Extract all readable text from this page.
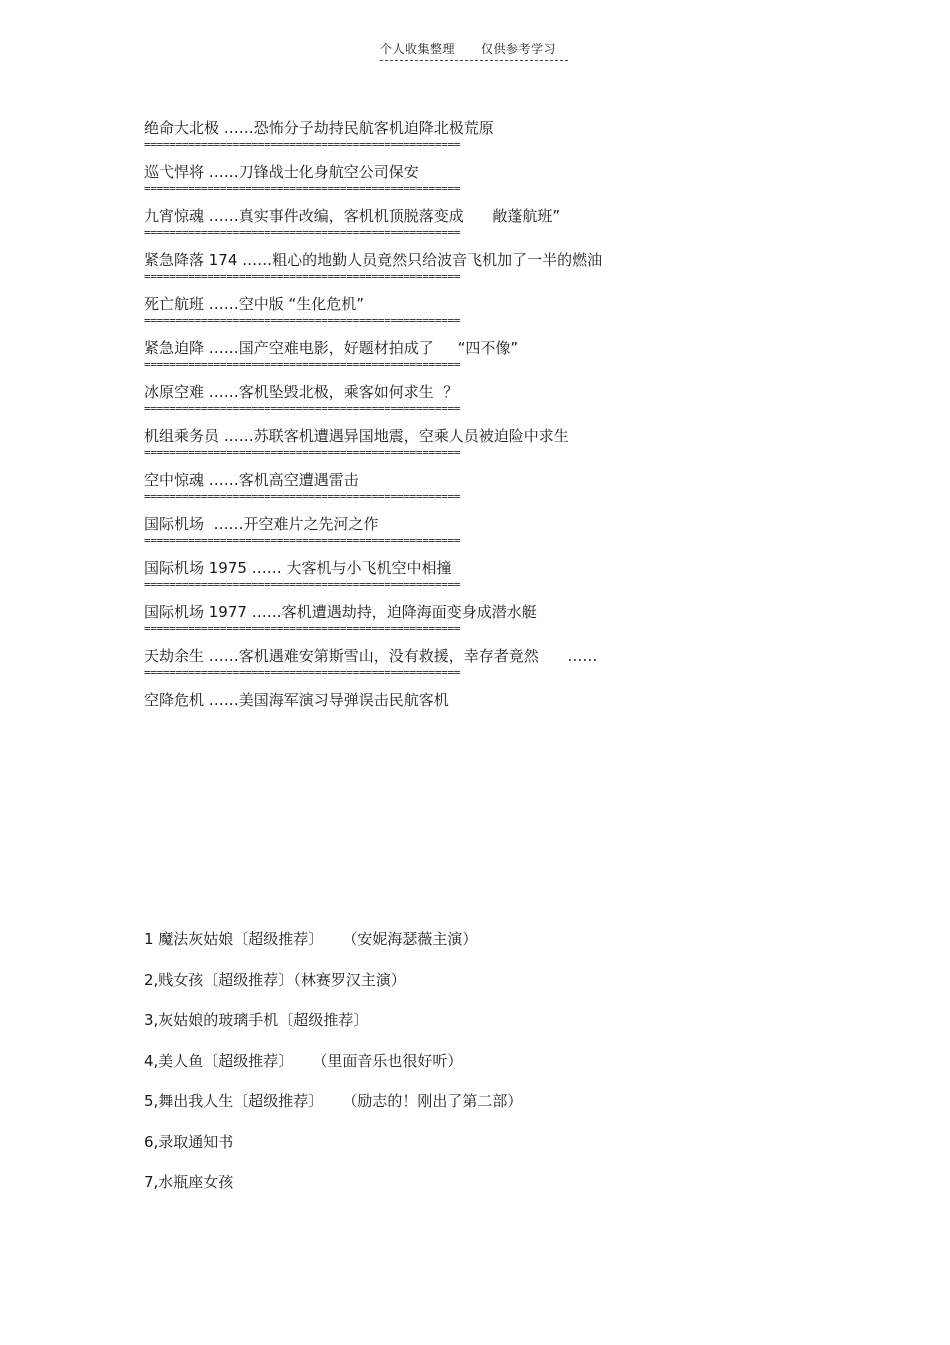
个人收集整理 仅供参考学习
绝命大北极 ……恐怖分子劫持民航客机迫降北极荒原
==================================================
巡弋悍将 ……刀锋战士化身航空公司保安
==================================================
九宵惊魂 ……真实事件改编，客机机顶脱落变成      敞蓬航班”
==================================================
紧急降落 174 ……粗心的地勤人员竟然只给波音飞机加了一半的燃油
==================================================
死亡航班 ……空中版 “生化危机”
==================================================
紧急迫降 ……国产空难电影，好题材拍成了     “四不像”
==================================================
冰原空难 ……客机坠毁北极，乘客如何求生  ？
==================================================
机组乘务员 ……苏联客机遭遇异国地震，空乘人员被迫险中求生
==================================================
空中惊魂 ……客机高空遭遇雷击
==================================================
国际机场  ……开空难片之先河之作
==================================================
国际机场 1975 …… 大客机与小飞机空中相撞
==================================================
国际机场 1977 ……客机遭遇劫持，迫降海面变身成潜水艇
==================================================
天劫余生 ……客机遇难安第斯雪山，没有救援，幸存者竟然      ……
==================================================
空降危机 ……美国海军演习导弹误击民航客机
1 魔法灰姑娘〔超级推荐〕    （安妮海瑟薇主演）
2,贱女孩〔超级推荐〕（林赛罗汉主演）
3,灰姑娘的玻璃手机〔超级推荐〕
4,美人鱼〔超级推荐〕    （里面音乐也很好听）
5,舞出我人生〔超级推荐〕    （励志的！刚出了第二部）
6,录取通知书
7,水瓶座女孩
